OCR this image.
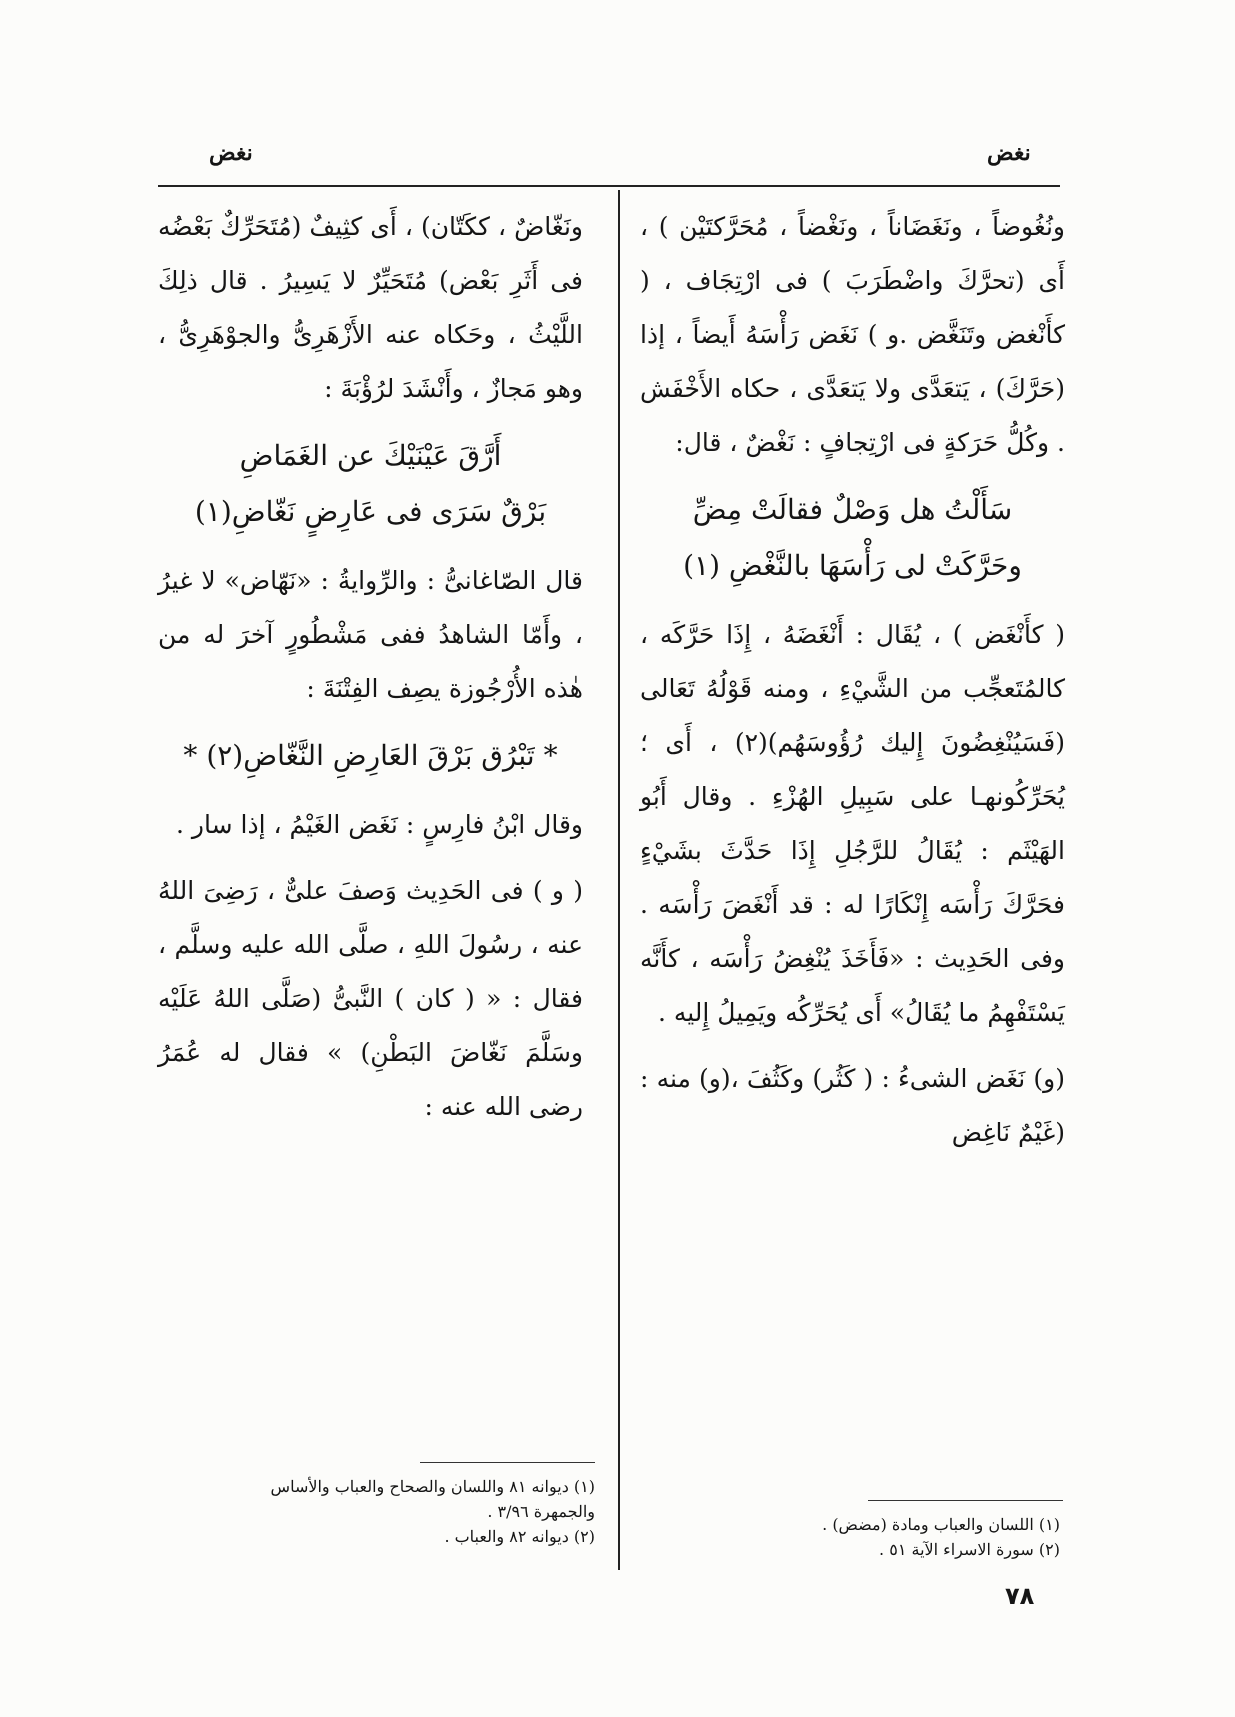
نغض
نغض

ونُغُوضاً ، ونَغَضَاناً ، ونَغْضاً ، مُحَرَّكتَيْن ) ، أَى (تحرَّكَ واضْطَرَبَ ) فى ارْتِجَاف ، ( كأَنْغض وتَنَغَّض .و ) نَغَض رَأْسَهُ أَيضاً ، إذا (حَرَّكَ) ، يَتعَدَّى ولا يَتعَدَّى ، حكاه الأَخْفَش . وكُلُّ حَرَكةٍ فى ارْتِجافٍ : نَغْضٌ ، قال:

سَأَلْتُ هل وَصْلٌ فقالَتْ مِضِّ
وحَرَّكَتْ لى رَأْسَهَا بالنَّغْضِ (١)

( كأَنْغَض ) ، يُقَال : أَنْغَضَهُ ، إِذَا حَرَّكَه ، كالمُتَعجِّب من الشَّيْءِ ، ومنه قَوْلُهُ تَعَالى (فَسَيُنْغِضُونَ إِليك رُؤُوسَهُم)(٢) ، أَى ؛ يُحَرِّكُونهـا على سَبِيلِ الهُزْءِ . وقال أَبُو الهَيْثَم : يُقَالُ للرَّجُلِ إِذَا حَدَّثَ بشَيْءٍ فحَرَّكَ رَأْسَه إِنْكَارًا له : قد أَنْغَضَ رَأْسَه . وفى الحَدِيث : «فَأَخَذَ يُنْغِضُ رَأْسَه ، كأَنَّه يَسْتَفْهِمُ ما يُقَالُ» أَى يُحَرِّكُه ويَمِيلُ إِليه .

(و) نَغَض الشىءُ : ( كَثُر) وكَثُفَ ،(و) منه : (غَيْمٌ نَاغِض

ونَغّاضٌ ، ككَتّان) ، أَى كثِيفٌ (مُتَحَرِّكٌ بَعْضُه فى أَثَرِ بَعْض) مُتَحَيِّرٌ لا يَسِيرُ . قال ذلِكَ اللَّيْثُ ، وحَكاه عنه الأَزْهَرِىُّ والجوْهَرِىُّ ، وهو مَجازٌ ، وأَنْشَدَ لرُؤْبَةَ :

أَرَّقَ عَيْنَيْكَ عن الغَمَاضِ
بَرْقٌ سَرَى فى عَارِضٍ نَغّاضِ(١)

قال الصّاغانىُّ : والرِّوايةُ : «نَهّاض» لا غيرُ ، وأَمّا الشاهدُ ففى مَشْطُورٍ آخرَ له من هٰذه الأُرْجُوزة يصِف الفِتْنَةَ :

* تَبْرُق بَرْقَ العَارِضِ النَّغّاضِ(٢) *

وقال ابْنُ فارِسٍ : نَغَض الغَيْمُ ، إذا سار .

( و ) فى الحَدِيث وَصفَ علىٌّ ، رَضِىَ اللهُ عنه ، رسُولَ اللهِ ، صلَّى الله عليه وسلَّم ، فقال : « ( كان ) النَّبىُّ (صَلَّى اللهُ عَلَيْه وسَلَّمَ نَغّاضَ البَطْنِ) » فقال له عُمَرُ رضى الله عنه :

(١) اللسان والعباب ومادة (مضض) .
(٢) سورة الاسراء الآية ٥١ .
(١) ديوانه ٨١ واللسان والصحاح والعباب والأساس
والجمهرة ٣/٩٦ .
(٢) ديوانه ٨٢ والعباب .
٧٨
